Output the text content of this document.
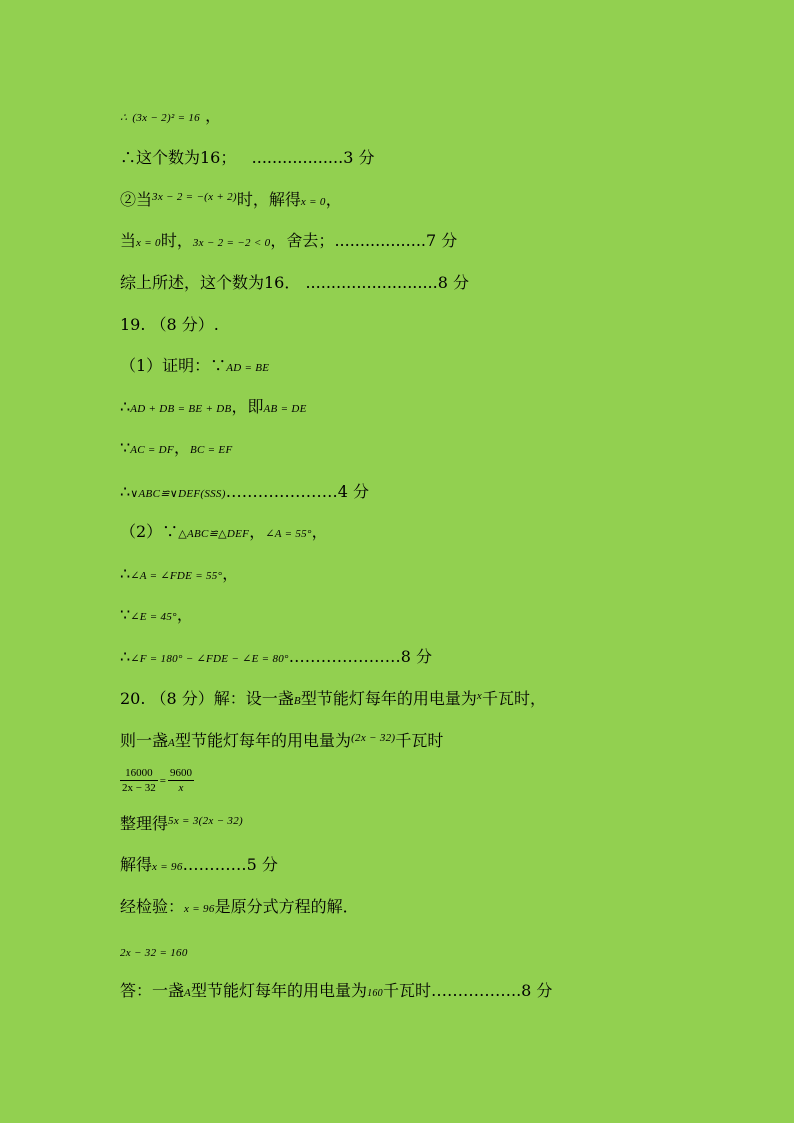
∴ (3x − 2)² = 16 ，
∴这个数为16； ..................3 分
②当$^{3x - 2 = -(x + 2)}$时，解得x = 0，
当x = 0时，3x − 2 = −2 < 0，舍去；..................7 分
综上所述，这个数为16． ..........................8 分
19. （8 分）.
（1）证明：∵AD = BE
∴AD + DB = BE + DB，即AB = DE
∵AC = DF，BC = EF
∴∨ABC≌∨DEF(SSS)…………………4 分
（2）∵△ABC≌△DEF，∠A = 55°，
∴∠A = ∠FDE = 55°，
∵∠E = 45°，
∴∠F = 180° − ∠FDE − ∠E = 80°…………………8 分
20. （8 分）解：设一盏B型节能灯每年的用电量为$^x$千瓦时，
则一盏A型节能灯每年的用电量为$^{(2x - 32)}$千瓦时
$\frac{16000}{2x - 32} = \frac{9600}{x}$
整理得$^{5x = 3(2x - 32)}$
解得x = 96…………5 分
经检验：x = 96是原分式方程的解．
2x − 32 = 160
答：一盏A型节能灯每年的用电量为160千瓦时……………..8 分
